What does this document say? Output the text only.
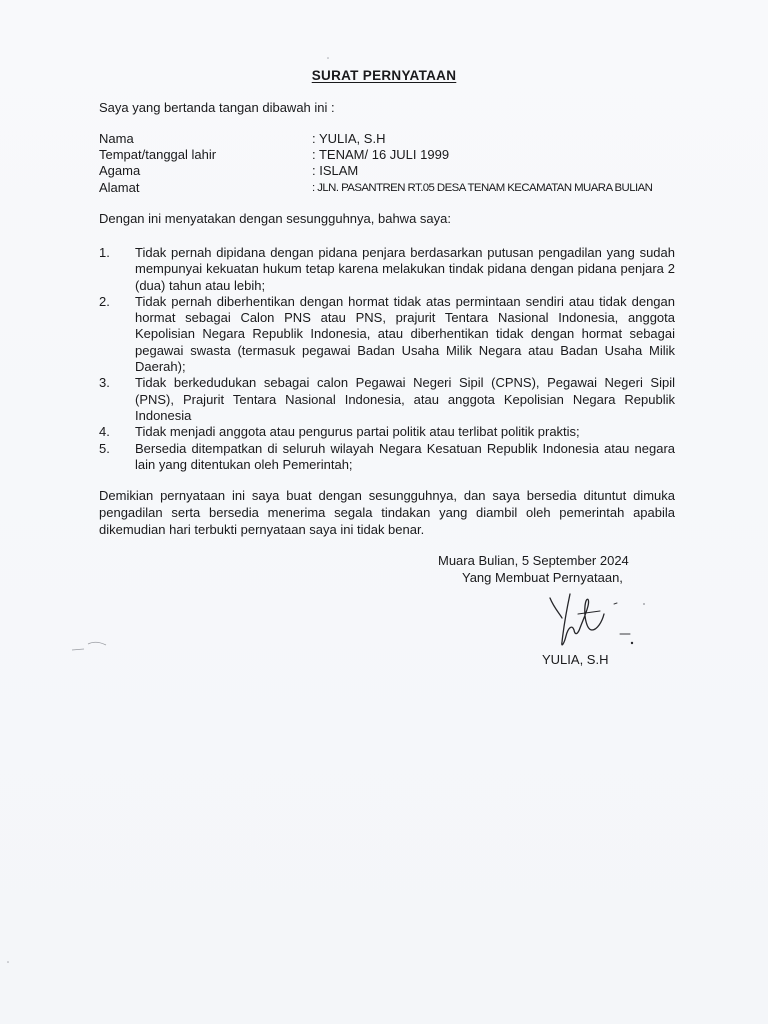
SURAT PERNYATAAN
Saya yang bertanda tangan dibawah ini :
Nama	: YULIA, S.H
Tempat/tanggal lahir	: TENAM/ 16 JULI 1999
Agama	: ISLAM
Alamat	: JLN. PASANTREN RT.05 DESA TENAM KECAMATAN MUARA BULIAN
Dengan ini menyatakan dengan sesungguhnya, bahwa saya:
1.	Tidak pernah dipidana dengan pidana penjara berdasarkan putusan pengadilan yang sudah mempunyai kekuatan hukum tetap karena melakukan tindak pidana dengan pidana penjara 2 (dua) tahun atau lebih;
2.	Tidak pernah diberhentikan dengan hormat tidak atas permintaan sendiri atau tidak dengan hormat sebagai Calon PNS atau PNS, prajurit Tentara Nasional Indonesia, anggota Kepolisian Negara Republik Indonesia, atau diberhentikan tidak dengan hormat sebagai pegawai swasta (termasuk pegawai Badan Usaha Milik Negara atau Badan Usaha Milik Daerah);
3.	Tidak berkedudukan sebagai calon Pegawai Negeri Sipil (CPNS), Pegawai Negeri Sipil (PNS), Prajurit Tentara Nasional Indonesia, atau anggota Kepolisian Negara Republik Indonesia
4.	Tidak menjadi anggota atau pengurus partai politik atau terlibat politik praktis;
5.	Bersedia ditempatkan di seluruh wilayah Negara Kesatuan Republik Indonesia atau negara lain yang ditentukan oleh Pemerintah;
Demikian pernyataan ini saya buat dengan sesungguhnya, dan saya bersedia dituntut dimuka pengadilan serta bersedia menerima segala tindakan yang diambil oleh pemerintah apabila dikemudian hari terbukti pernyataan saya ini tidak benar.
Muara Bulian, 5 September 2024
Yang Membuat Pernyataan,
YULIA, S.H
